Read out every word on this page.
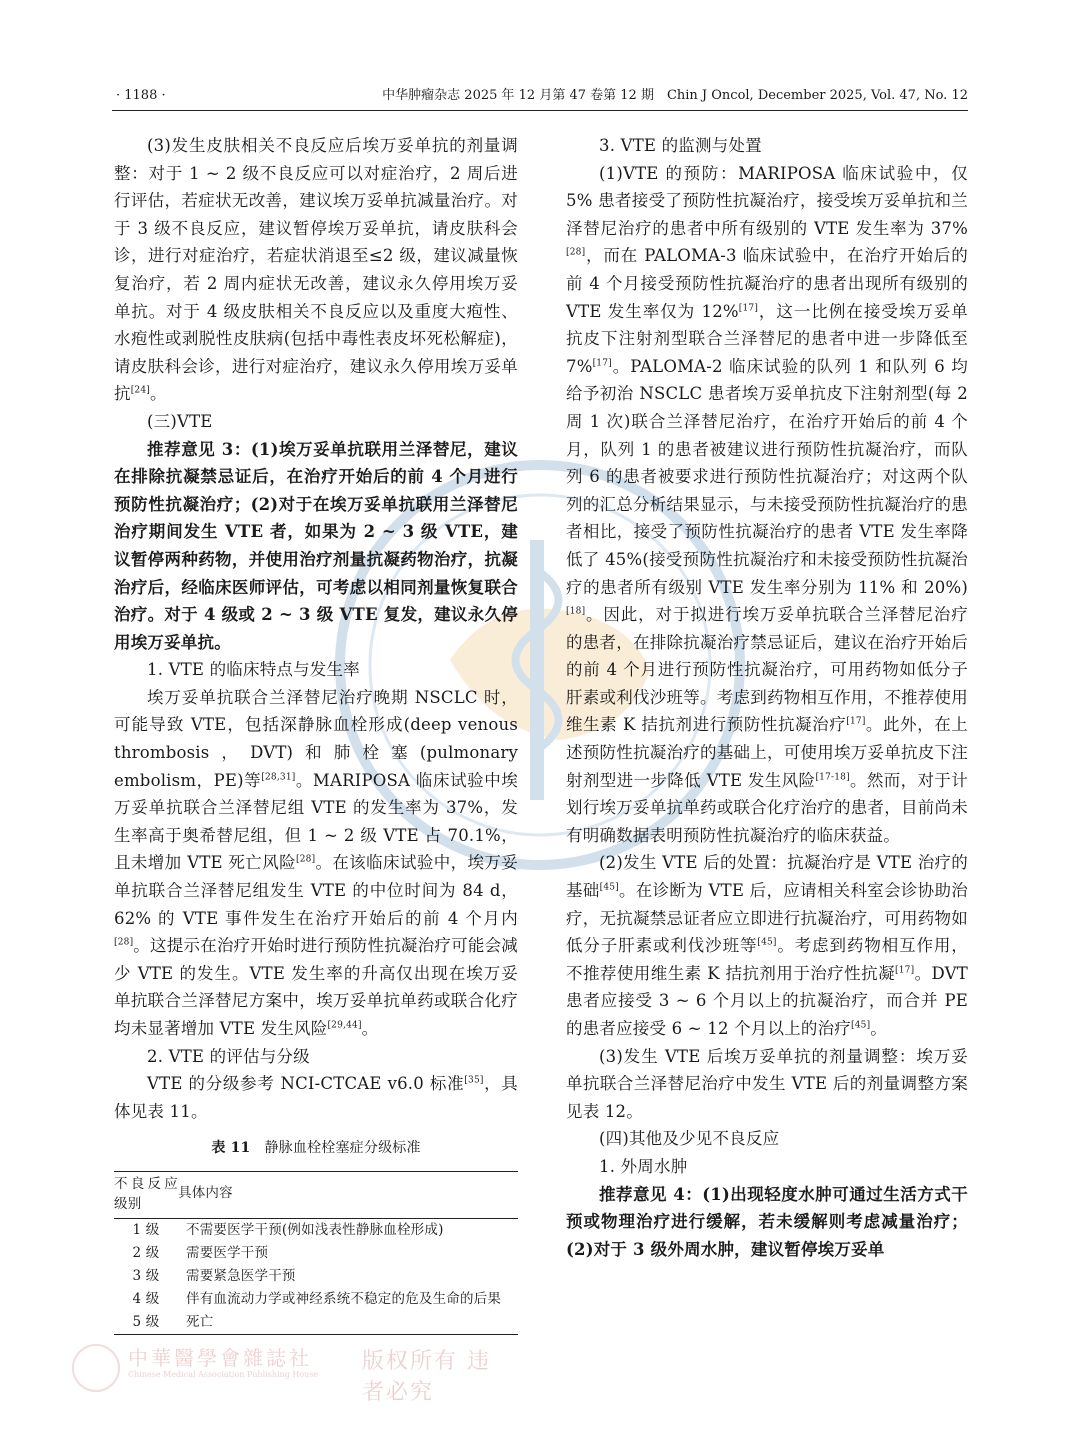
· 1188 ·	中华肿瘤杂志 2025 年 12 月第 47 卷第 12 期　Chin J Oncol, December 2025, Vol. 47, No. 12

(3)发生皮肤相关不良反应后埃万妥单抗的剂量调整：对于 1 ~ 2 级不良反应可以对症治疗，2 周后进行评估，若症状无改善，建议埃万妥单抗减量治疗。对于 3 级不良反应，建议暂停埃万妥单抗，请皮肤科会诊，进行对症治疗，若症状消退至≤2 级，建议减量恢复治疗，若 2 周内症状无改善，建议永久停用埃万妥单抗。对于 4 级皮肤相关不良反应以及重度大疱性、水疱性或剥脱性皮肤病(包括中毒性表皮坏死松解症)，请皮肤科会诊，进行对症治疗，建议永久停用埃万妥单抗[24]。

(三)VTE

推荐意见 3：(1)埃万妥单抗联用兰泽替尼，建议在排除抗凝禁忌证后，在治疗开始后的前 4 个月进行预防性抗凝治疗；(2)对于在埃万妥单抗联用兰泽替尼治疗期间发生 VTE 者，如果为 2 ~ 3 级 VTE，建议暂停两种药物，并使用治疗剂量抗凝药物治疗，抗凝治疗后，经临床医师评估，可考虑以相同剂量恢复联合治疗。对于 4 级或 2 ~ 3 级 VTE 复发，建议永久停用埃万妥单抗。

1. VTE 的临床特点与发生率

埃万妥单抗联合兰泽替尼治疗晚期 NSCLC 时，可能导致 VTE，包括深静脉血栓形成(deep venous thrombosis，DVT)和肺栓塞(pulmonary embolism，PE)等[28,31]。MARIPOSA 临床试验中埃万妥单抗联合兰泽替尼组 VTE 的发生率为 37%，发生率高于奥希替尼组，但 1 ~ 2 级 VTE 占 70.1%，且未增加 VTE 死亡风险[28]。在该临床试验中，埃万妥单抗联合兰泽替尼组发生 VTE 的中位时间为 84 d，62% 的 VTE 事件发生在治疗开始后的前 4 个月内[28]。这提示在治疗开始时进行预防性抗凝治疗可能会减少 VTE 的发生。VTE 发生率的升高仅出现在埃万妥单抗联合兰泽替尼方案中，埃万妥单抗单药或联合化疗均未显著增加 VTE 发生风险[29,44]。

2. VTE 的评估与分级

VTE 的分级参考 NCI-CTCAE v6.0 标准[35]，具体见表 11。

表 11 静脉血栓栓塞症分级标准
不良反应级别	具体内容
1 级	不需要医学干预(例如浅表性静脉血栓形成)
2 级	需要医学干预
3 级	需要紧急医学干预
4 级	伴有血流动力学或神经系统不稳定的危及生命的后果
5 级	死亡

3. VTE 的监测与处置

(1)VTE 的预防：MARIPOSA 临床试验中，仅 5% 患者接受了预防性抗凝治疗，接受埃万妥单抗和兰泽替尼治疗的患者中所有级别的 VTE 发生率为 37%[28]，而在 PALOMA-3 临床试验中，在治疗开始后的前 4 个月接受预防性抗凝治疗的患者出现所有级别的 VTE 发生率仅为 12%[17]，这一比例在接受埃万妥单抗皮下注射剂型联合兰泽替尼的患者中进一步降低至 7%[17]。PALOMA-2 临床试验的队列 1 和队列 6 均给予初治 NSCLC 患者埃万妥单抗皮下注射剂型(每 2 周 1 次)联合兰泽替尼治疗，在治疗开始后的前 4 个月，队列 1 的患者被建议进行预防性抗凝治疗，而队列 6 的患者被要求进行预防性抗凝治疗；对这两个队列的汇总分析结果显示，与未接受预防性抗凝治疗的患者相比，接受了预防性抗凝治疗的患者 VTE 发生率降低了 45%(接受预防性抗凝治疗和未接受预防性抗凝治疗的患者所有级别 VTE 发生率分别为 11% 和 20%)[18]。因此，对于拟进行埃万妥单抗联合兰泽替尼治疗的患者，在排除抗凝治疗禁忌证后，建议在治疗开始后的前 4 个月进行预防性抗凝治疗，可用药物如低分子肝素或利伐沙班等。考虑到药物相互作用，不推荐使用维生素 K 拮抗剂进行预防性抗凝治疗[17]。此外，在上述预防性抗凝治疗的基础上，可使用埃万妥单抗皮下注射剂型进一步降低 VTE 发生风险[17-18]。然而，对于计划行埃万妥单抗单药或联合化疗治疗的患者，目前尚未有明确数据表明预防性抗凝治疗的临床获益。

(2)发生 VTE 后的处置：抗凝治疗是 VTE 治疗的基础[45]。在诊断为 VTE 后，应请相关科室会诊协助治疗，无抗凝禁忌证者应立即进行抗凝治疗，可用药物如低分子肝素或利伐沙班等[45]。考虑到药物相互作用，不推荐使用维生素 K 拮抗剂用于治疗性抗凝[17]。DVT 患者应接受 3 ~ 6 个月以上的抗凝治疗，而合并 PE 的患者应接受 6 ~ 12 个月以上的治疗[45]。

(3)发生 VTE 后埃万妥单抗的剂量调整：埃万妥单抗联合兰泽替尼治疗中发生 VTE 后的剂量调整方案见表 12。

(四)其他及少见不良反应

1. 外周水肿

推荐意见 4：(1)出现轻度水肿可通过生活方式干预或物理治疗进行缓解，若未缓解则考虑减量治疗；(2)对于 3 级外周水肿，建议暂停埃万妥单

中華醫學會雜誌社
Chinese Medical Association Publishing House
版权所有 违者必究
